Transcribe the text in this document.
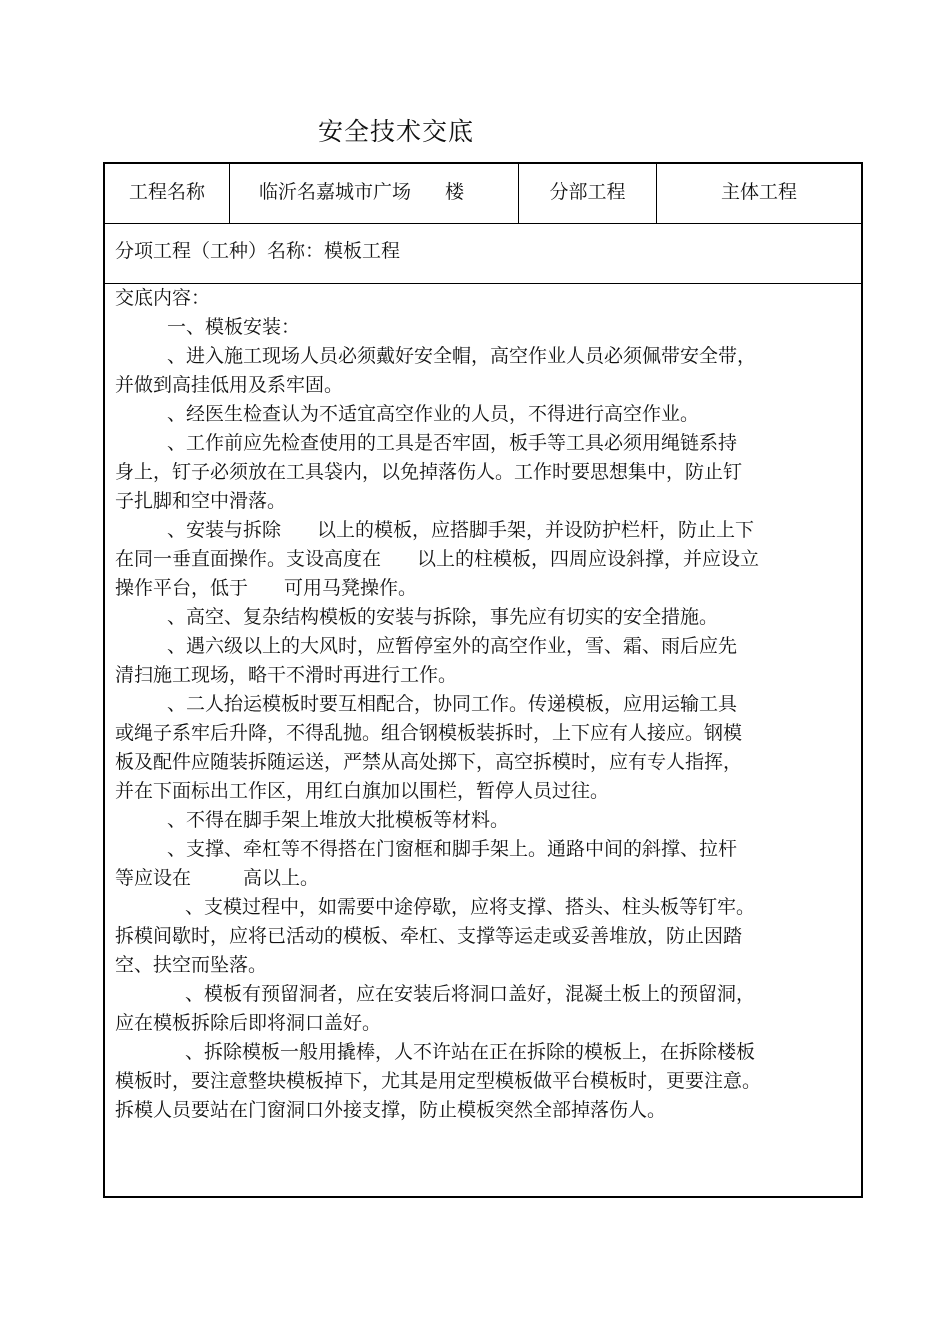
安全技术交底
工程名称	临沂名嘉城市广场 楼	分部工程	主体工程
分项工程（工种）名称：模板工程

交底内容：

一、模板安装：

、进入施工现场人员必须戴好安全帽，高空作业人员必须佩带安全带，

并做到高挂低用及系牢固。

、经医生检查认为不适宜高空作业的人员，不得进行高空作业。

、工作前应先检查使用的工具是否牢固，板手等工具必须用绳链系持

身上，钉子必须放在工具袋内，以免掉落伤人。工作时要思想集中，防止钉

子扎脚和空中滑落。

、安装与拆除 以上的模板，应搭脚手架，并设防护栏杆，防止上下

在同一垂直面操作。支设高度在 以上的柱模板，四周应设斜撑，并应设立

操作平台，低于 可用马凳操作。

、高空、复杂结构模板的安装与拆除，事先应有切实的安全措施。

、遇六级以上的大风时，应暂停室外的高空作业，雪、霜、雨后应先

清扫施工现场，略干不滑时再进行工作。

、二人抬运模板时要互相配合，协同工作。传递模板，应用运输工具

或绳子系牢后升降，不得乱抛。组合钢模板装拆时，上下应有人接应。钢模

板及配件应随装拆随运送，严禁从高处掷下，高空拆模时，应有专人指挥，

并在下面标出工作区，用红白旗加以围栏，暂停人员过往。

、不得在脚手架上堆放大批模板等材料。

、支撑、牵杠等不得搭在门窗框和脚手架上。通路中间的斜撑、拉杆

等应设在	高以上。

、支模过程中，如需要中途停歇，应将支撑、搭头、柱头板等钉牢。

拆模间歇时，应将已活动的模板、牵杠、支撑等运走或妥善堆放，防止因踏

空、扶空而坠落。

、模板有预留洞者，应在安装后将洞口盖好，混凝土板上的预留洞，

应在模板拆除后即将洞口盖好。

、拆除模板一般用撬棒，人不许站在正在拆除的模板上，在拆除楼板

模板时，要注意整块模板掉下，尤其是用定型模板做平台模板时，更要注意。

拆模人员要站在门窗洞口外接支撑，防止模板突然全部掉落伤人。
